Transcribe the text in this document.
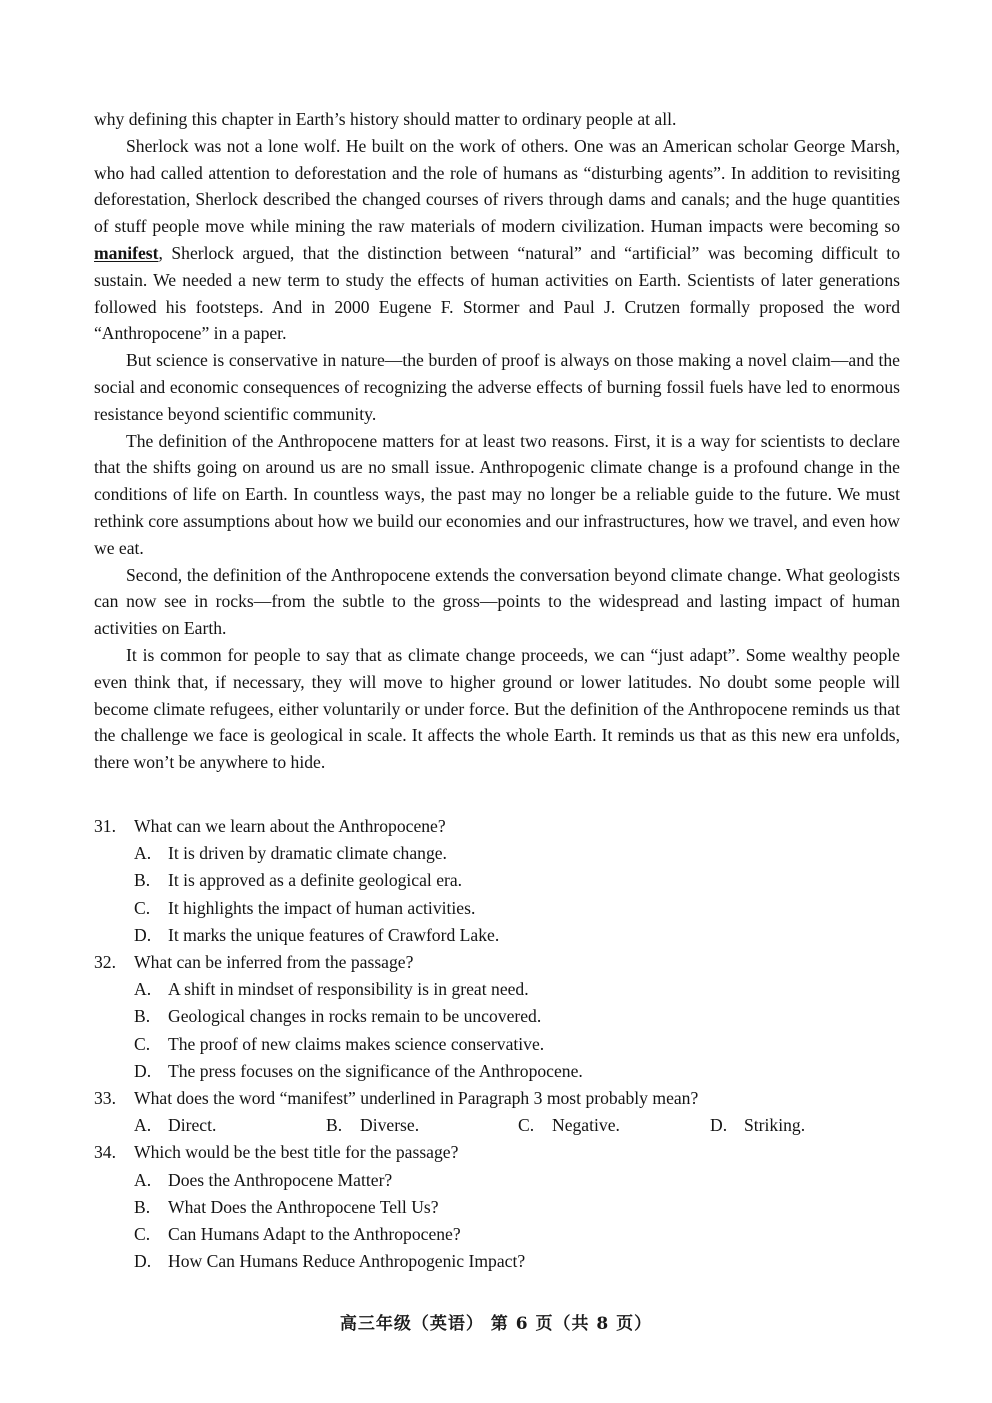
why defining this chapter in Earth’s history should matter to ordinary people at all.

Sherlock was not a lone wolf. He built on the work of others. One was an American scholar George Marsh, who had called attention to deforestation and the role of humans as “disturbing agents”. In addition to revisiting deforestation, Sherlock described the changed courses of rivers through dams and canals; and the huge quantities of stuff people move while mining the raw materials of modern civilization. Human impacts were becoming so manifest, Sherlock argued, that the distinction between “natural” and “artificial” was becoming difficult to sustain. We needed a new term to study the effects of human activities on Earth. Scientists of later generations followed his footsteps. And in 2000 Eugene F. Stormer and Paul J. Crutzen formally proposed the word “Anthropocene” in a paper.

But science is conservative in nature—the burden of proof is always on those making a novel claim—and the social and economic consequences of recognizing the adverse effects of burning fossil fuels have led to enormous resistance beyond scientific community.

The definition of the Anthropocene matters for at least two reasons. First, it is a way for scientists to declare that the shifts going on around us are no small issue. Anthropogenic climate change is a profound change in the conditions of life on Earth. In countless ways, the past may no longer be a reliable guide to the future. We must rethink core assumptions about how we build our economies and our infrastructures, how we travel, and even how we eat.

Second, the definition of the Anthropocene extends the conversation beyond climate change. What geologists can now see in rocks—from the subtle to the gross—points to the widespread and lasting impact of human activities on Earth.

It is common for people to say that as climate change proceeds, we can “just adapt”. Some wealthy people even think that, if necessary, they will move to higher ground or lower latitudes. No doubt some people will become climate refugees, either voluntarily or under force. But the definition of the Anthropocene reminds us that the challenge we face is geological in scale. It affects the whole Earth. It reminds us that as this new era unfolds, there won’t be anywhere to hide.

31. What can we learn about the Anthropocene?
A. It is driven by dramatic climate change.
B. It is approved as a definite geological era.
C. It highlights the impact of human activities.
D. It marks the unique features of Crawford Lake.
32. What can be inferred from the passage?
A. A shift in mindset of responsibility is in great need.
B. Geological changes in rocks remain to be uncovered.
C. The proof of new claims makes science conservative.
D. The press focuses on the significance of the Anthropocene.
33. What does the word “manifest” underlined in Paragraph 3 most probably mean?
A. Direct.	B. Diverse.	C. Negative.	D. Striking.
34. Which would be the best title for the passage?
A. Does the Anthropocene Matter?
B. What Does the Anthropocene Tell Us?
C. Can Humans Adapt to the Anthropocene?
D. How Can Humans Reduce Anthropogenic Impact?
高三年级（英语） 第 6 页（共 8 页）
